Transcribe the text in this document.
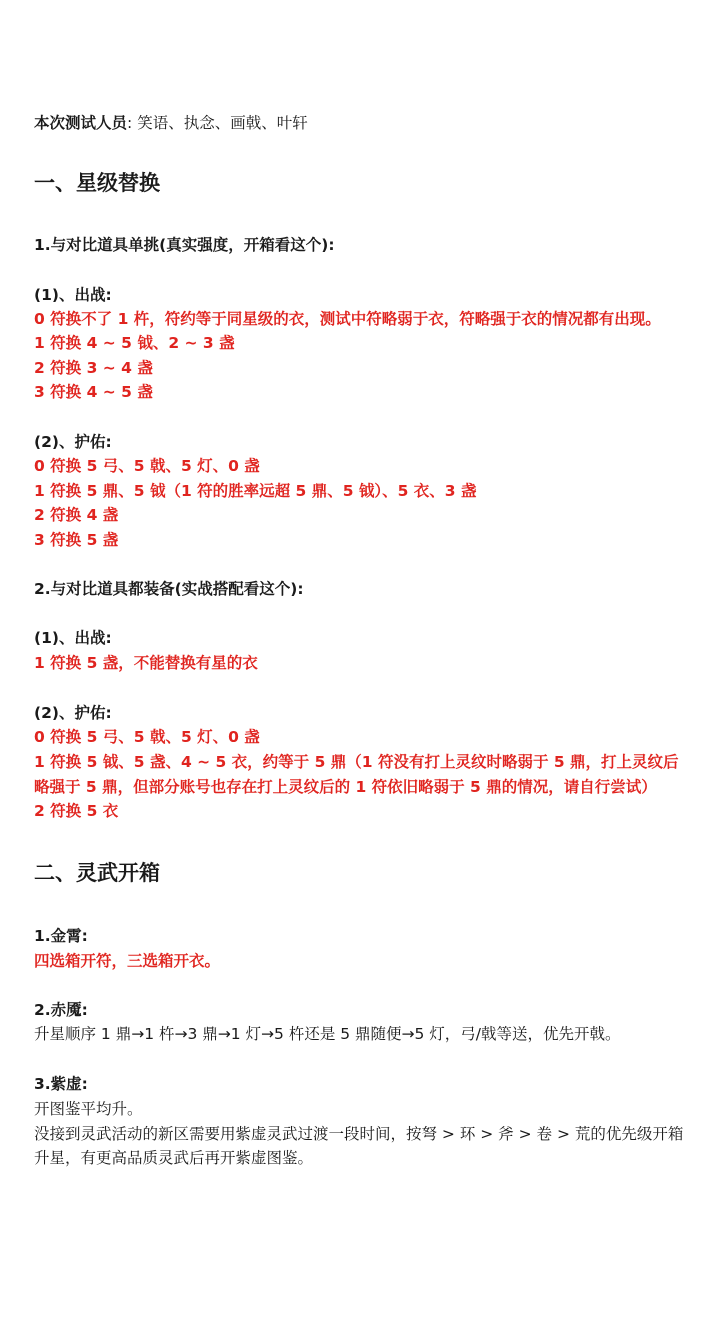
本次测试人员: 笑语、执念、画戟、叶轩
一、星级替换
1.与对比道具单挑(真实强度，开箱看这个):
(1)、出战:
0 符换不了 1 杵，符约等于同星级的衣，测试中符略弱于衣，符略强于衣的情况都有出现。
1 符换 4 ~ 5 钺、2 ~ 3 盏
2 符换 3 ~ 4 盏
3 符换 4 ~ 5 盏
(2)、护佑:
0 符换 5 弓、5 戟、5 灯、0 盏
1 符换 5 鼎、5 钺（1 符的胜率远超 5 鼎、5 钺）、5 衣、3 盏
2 符换 4 盏
3 符换 5 盏
2.与对比道具都装备(实战搭配看这个):
(1)、出战:
1 符换 5 盏，不能替换有星的衣
(2)、护佑:
0 符换 5 弓、5 戟、5 灯、0 盏
1 符换 5 钺、5 盏、4 ~ 5 衣，约等于 5 鼎（1 符没有打上灵纹时略弱于 5 鼎，打上灵纹后
略强于 5 鼎，但部分账号也存在打上灵纹后的 1 符依旧略弱于 5 鼎的情况，请自行尝试）
2 符换 5 衣
二、灵武开箱
1.金霄:
四选箱开符，三选箱开衣。
2.赤魇:
升星顺序 1 鼎→1 杵→3 鼎→1 灯→5 杵还是 5 鼎随便→5 灯，弓/戟等送，优先开戟。
3.紫虚:
开图鉴平均升。
没接到灵武活动的新区需要用紫虚灵武过渡一段时间，按弩 > 环 > 斧 > 卷 > 荒的优先级开箱
升星，有更高品质灵武后再开紫虚图鉴。
